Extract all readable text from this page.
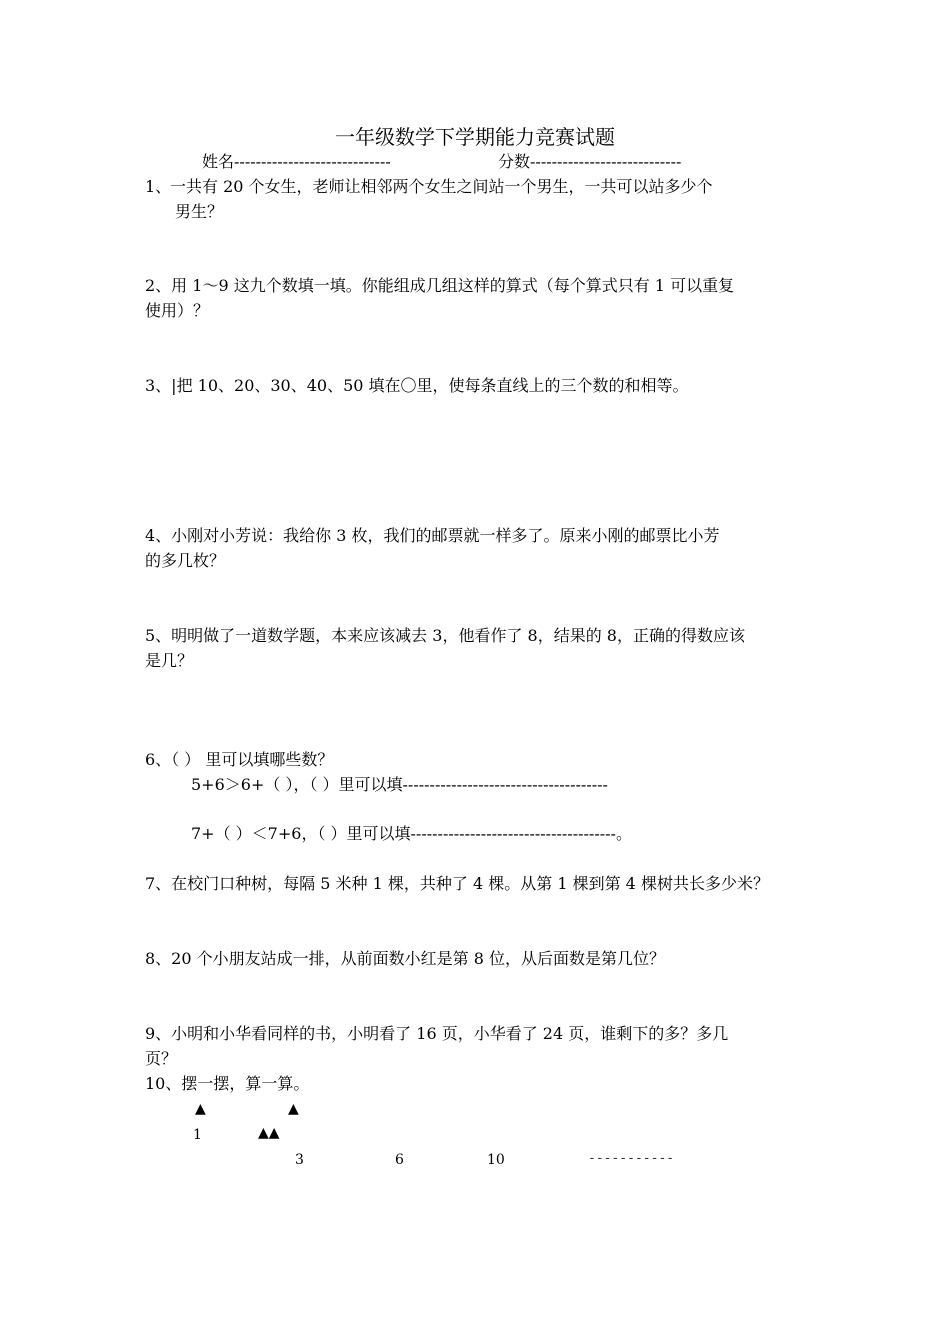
一年级数学下学期能力竞赛试题
姓名-----------------------------	分数----------------------------
1、
一共有 20 个女生，老师让相邻两个女生之间站一个男生，一共可以站多少个
男生？
2、用 1～9 这九个数填一填。你能组成几组这样的算式（每个算式只有 1 可以重复
使用）？
3、|把 10、20、30、40、50 填在〇里，使每条直线上的三个数的和相等。
4、小刚对小芳说：我给你 3 枚，我们的邮票就一样多了。原来小刚的邮票比小芳
的多几枚？
5、明明做了一道数学题，本来应该减去 3，他看作了 8，结果的 8，正确的得数应该
是几？
6、（ ） 里可以填哪些数？
5+6＞6+（ ），（ ）里可以填--------------------------------------
7+（ ）＜7+6，（ ）里可以填--------------------------------------。
7、在校门口种树，每隔 5 米种 1 棵，共种了 4 棵。从第 1 棵到第 4 棵树共长多少米？
8、20 个小朋友站成一排，从前面数小红是第 8 位，从后面数是第几位？
9、小明和小华看同样的书，小明看了 16 页，小华看了 24 页，谁剩下的多？多几
页？
10、摆一摆，算一算。
▲	▲
1	▲▲
3	6	10	-----------
